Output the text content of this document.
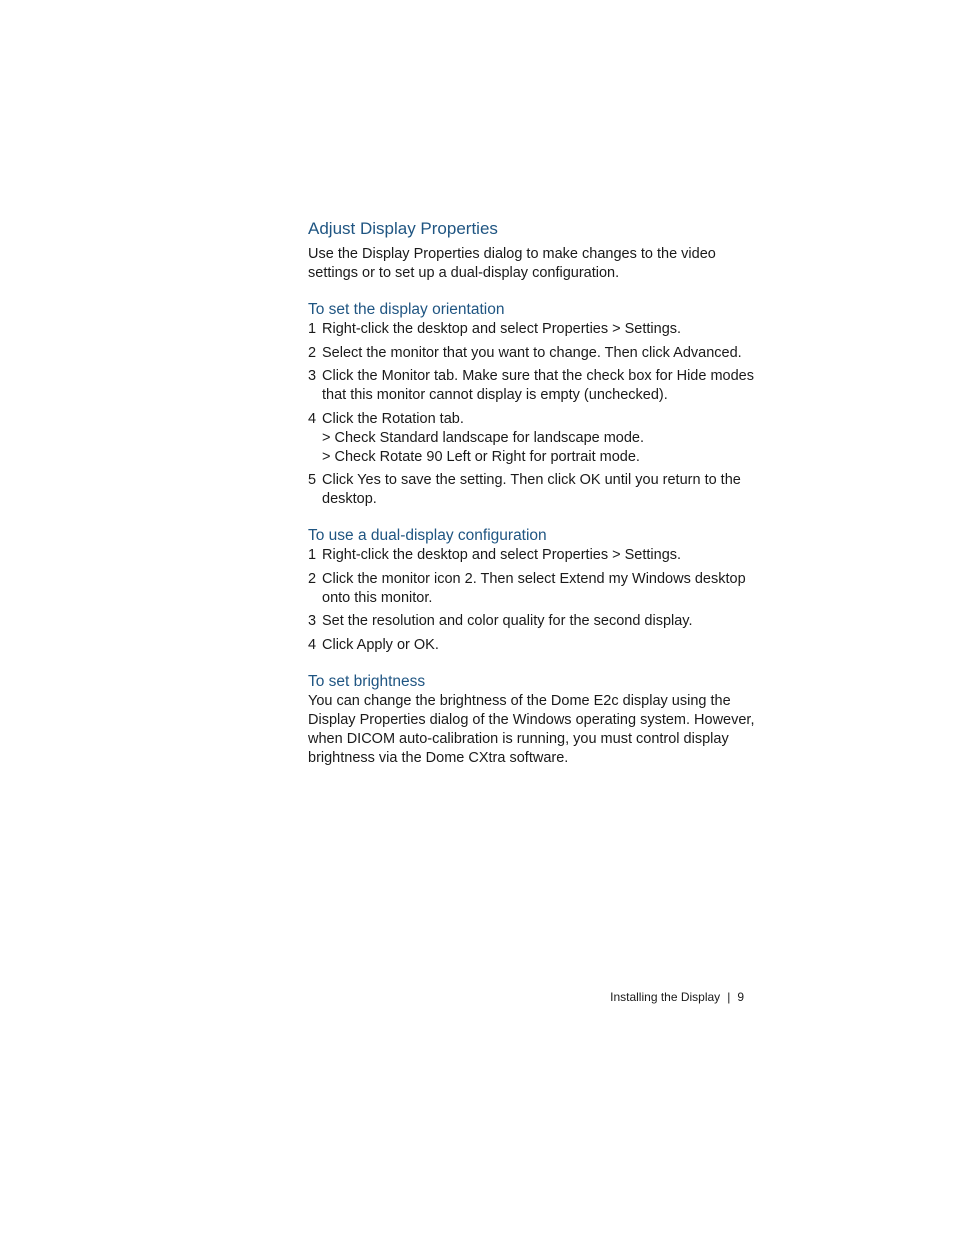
Adjust Display Properties

Use the Display Properties dialog to make changes to the video settings or to set up a dual-display configuration.

To set the display orientation
1 Right-click the desktop and select Properties > Settings.
2 Select the monitor that you want to change. Then click Advanced.
3 Click the Monitor tab. Make sure that the check box for Hide modes that this monitor cannot display is empty (unchecked).
4 Click the Rotation tab.
> Check Standard landscape for landscape mode.
> Check Rotate 90 Left or Right for portrait mode.
5 Click Yes to save the setting. Then click OK until you return to the desktop.
To use a dual-display configuration
1 Right-click the desktop and select Properties > Settings.
2 Click the monitor icon 2. Then select Extend my Windows desktop onto this monitor.
3 Set the resolution and color quality for the second display.
4 Click Apply or OK.
To set brightness

You can change the brightness of the Dome E2c display using the Display Properties dialog of the Windows operating system. However, when DICOM auto-calibration is running, you must control display brightness via the Dome CXtra software.

Installing the Display | 9
